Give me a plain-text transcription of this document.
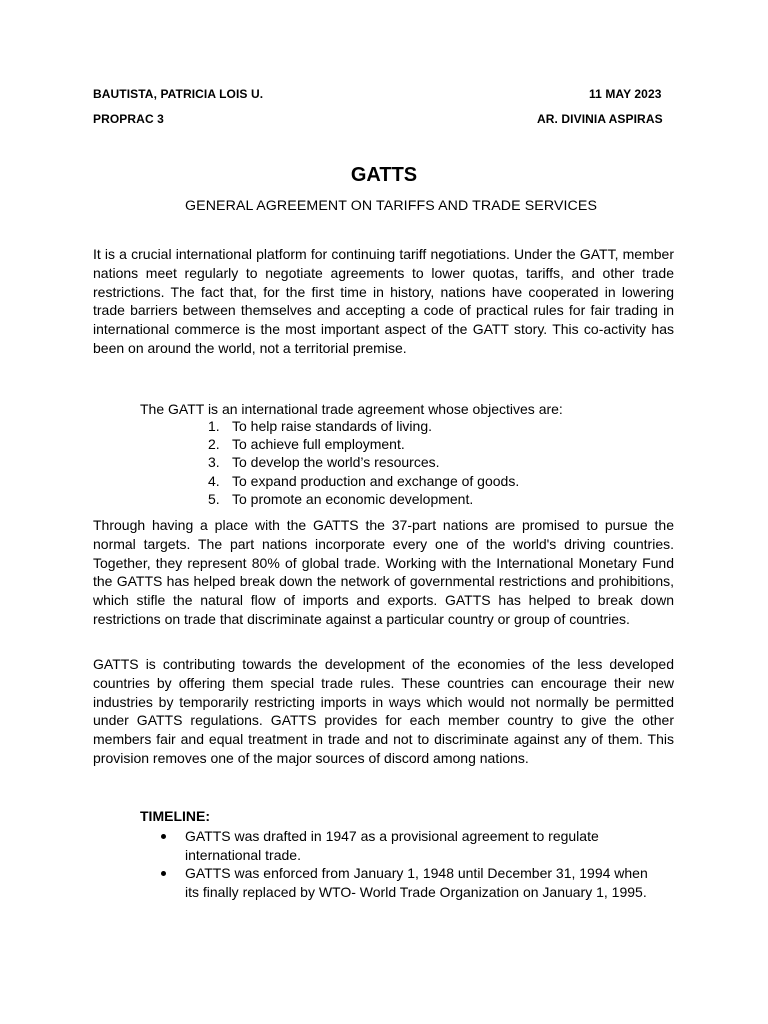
BAUTISTA, PATRICIA LOIS U.	11 MAY 2023
PROPRAC 3	AR. DIVINIA ASPIRAS
GATTS
GENERAL AGREEMENT ON TARIFFS AND TRADE SERVICES

It is a crucial international platform for continuing tariff negotiations. Under the GATT, member nations meet regularly to negotiate agreements to lower quotas, tariffs, and other trade restrictions. The fact that, for the first time in history, nations have cooperated in lowering trade barriers between themselves and accepting a code of practical rules for fair trading in international commerce is the most important aspect of the GATT story. This co-activity has been on around the world, not a territorial premise.

The GATT is an international trade agreement whose objectives are:
1. To help raise standards of living.
2. To achieve full employment.
3. To develop the world’s resources.
4. To expand production and exchange of goods.
5. To promote an economic development.

Through having a place with the GATTS the 37-part nations are promised to pursue the normal targets. The part nations incorporate every one of the world's driving countries. Together, they represent 80% of global trade. Working with the International Monetary Fund the GATTS has helped break down the network of governmental restrictions and prohibitions, which stifle the natural flow of imports and exports. GATTS has helped to break down restrictions on trade that discriminate against a particular country or group of countries.

GATTS is contributing towards the development of the economies of the less developed countries by offering them special trade rules. These countries can encourage their new industries by temporarily restricting imports in ways which would not normally be permitted under GATTS regulations. GATTS provides for each member country to give the other members fair and equal treatment in trade and not to discriminate against any of them. This provision removes one of the major sources of discord among nations.

TIMELINE:
GATTS was drafted in 1947 as a provisional agreement to regulate international trade.
GATTS was enforced from January 1, 1948 until December 31, 1994 when its finally replaced by WTO- World Trade Organization on January 1, 1995.
